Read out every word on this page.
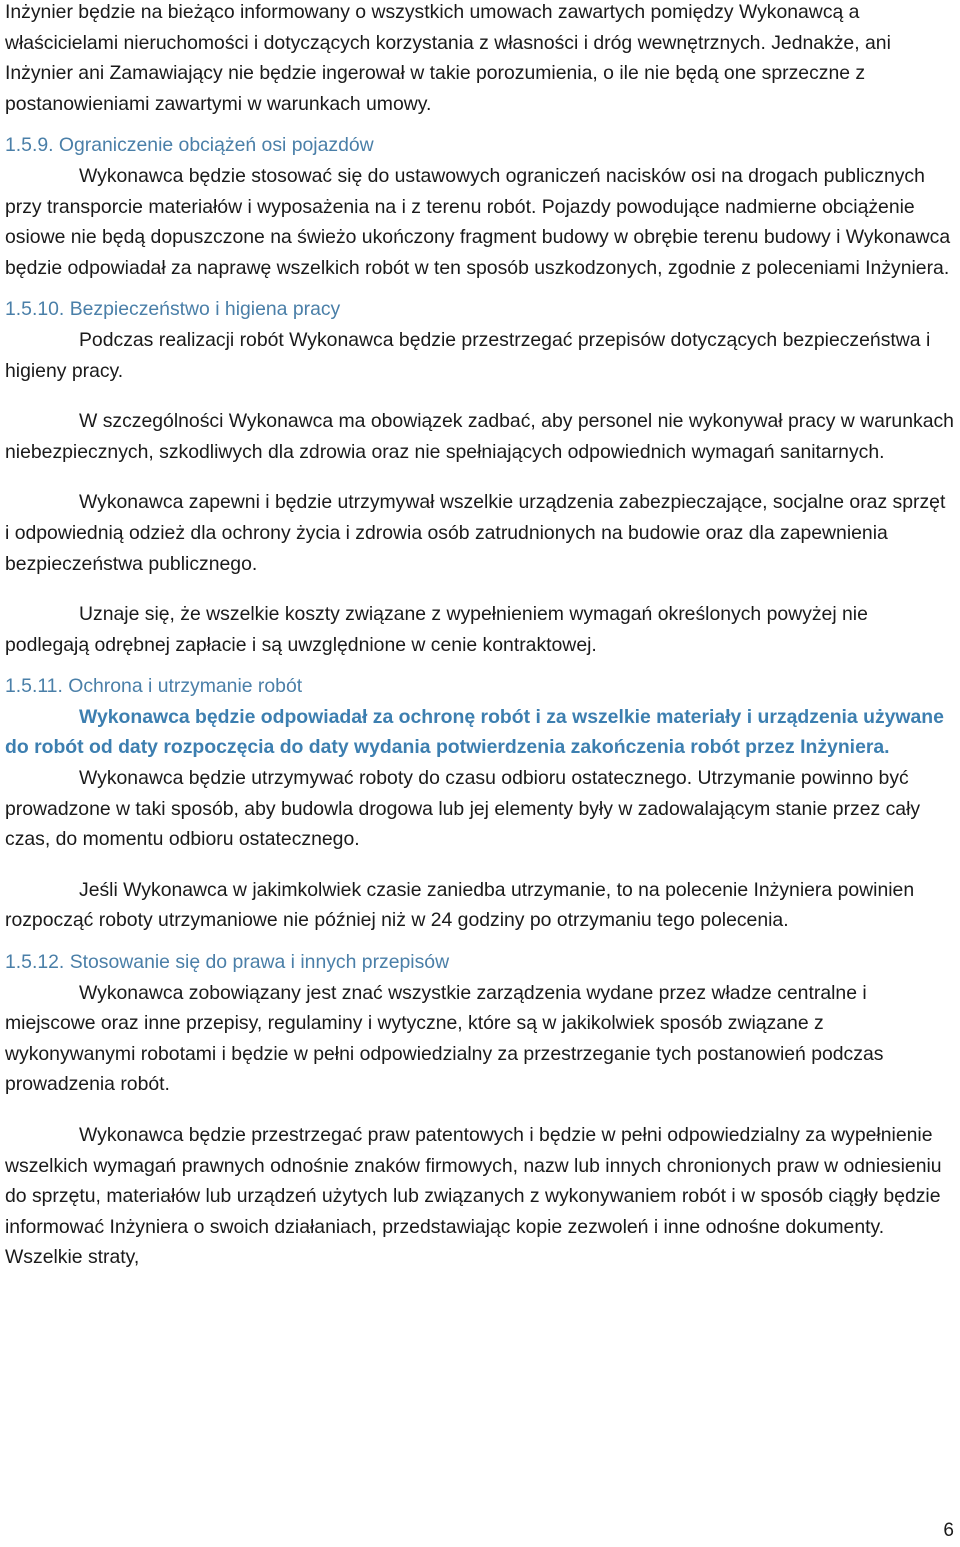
Inżynier będzie na bieżąco informowany o wszystkich umowach zawartych pomiędzy Wykonawcą a właścicielami nieruchomości i dotyczących korzystania z własności i dróg wewnętrznych. Jednakże, ani Inżynier ani Zamawiający nie będzie ingerował w takie porozumienia, o ile nie będą one sprzeczne z postanowieniami zawartymi w warunkach umowy.

1.5.9. Ograniczenie obciążeń osi pojazdów

Wykonawca będzie stosować się do ustawowych ograniczeń nacisków osi na drogach publicznych przy transporcie materiałów i wyposażenia na i z terenu robót. Pojazdy powodujące nadmierne obciążenie osiowe nie będą dopuszczone na świeżo ukończony fragment budowy w obrębie terenu budowy i Wykonawca będzie odpowiadał za naprawę wszelkich robót w ten sposób uszkodzonych, zgodnie z poleceniami Inżyniera.

1.5.10. Bezpieczeństwo i higiena pracy

Podczas realizacji robót Wykonawca będzie przestrzegać przepisów dotyczących bezpieczeństwa i higieny pracy.

W szczególności Wykonawca ma obowiązek zadbać, aby personel nie wykonywał pracy w warunkach niebezpiecznych, szkodliwych dla zdrowia oraz nie spełniających odpowiednich wymagań sanitarnych.

Wykonawca zapewni i będzie utrzymywał wszelkie urządzenia zabezpieczające, socjalne oraz sprzęt i odpowiednią odzież dla ochrony życia i zdrowia osób zatrudnionych na budowie oraz dla zapewnienia bezpieczeństwa publicznego.

Uznaje się, że wszelkie koszty związane z wypełnieniem wymagań określonych powyżej nie podlegają odrębnej zapłacie i są uwzględnione w cenie kontraktowej.

1.5.11. Ochrona i utrzymanie robót

Wykonawca będzie odpowiadał za ochronę robót i za wszelkie materiały i urządzenia używane do robót od daty rozpoczęcia do daty wydania potwierdzenia zakończenia robót przez Inżyniera.

Wykonawca będzie utrzymywać roboty do czasu odbioru ostatecznego. Utrzymanie powinno być prowadzone w taki sposób, aby budowla drogowa lub jej elementy były w zadowalającym stanie przez cały czas, do momentu odbioru ostatecznego.

Jeśli Wykonawca w jakimkolwiek czasie zaniedba utrzymanie, to na polecenie Inżyniera powinien rozpocząć roboty utrzymaniowe nie później niż w 24 godziny po otrzymaniu tego polecenia.

1.5.12. Stosowanie się do prawa i innych przepisów

Wykonawca zobowiązany jest znać wszystkie zarządzenia wydane przez władze centralne i miejscowe oraz inne przepisy, regulaminy i wytyczne, które są w jakikolwiek sposób związane z wykonywanymi robotami i będzie w pełni odpowiedzialny za przestrzeganie tych postanowień podczas prowadzenia robót.

Wykonawca będzie przestrzegać praw patentowych i będzie w pełni odpowiedzialny za wypełnienie wszelkich wymagań prawnych odnośnie znaków firmowych, nazw lub innych chronionych praw w odniesieniu do sprzętu, materiałów lub urządzeń użytych lub związanych z wykonywaniem robót i w sposób ciągły będzie informować Inżyniera o swoich działaniach, przedstawiając kopie zezwoleń i inne odnośne dokumenty. Wszelkie straty,

6
